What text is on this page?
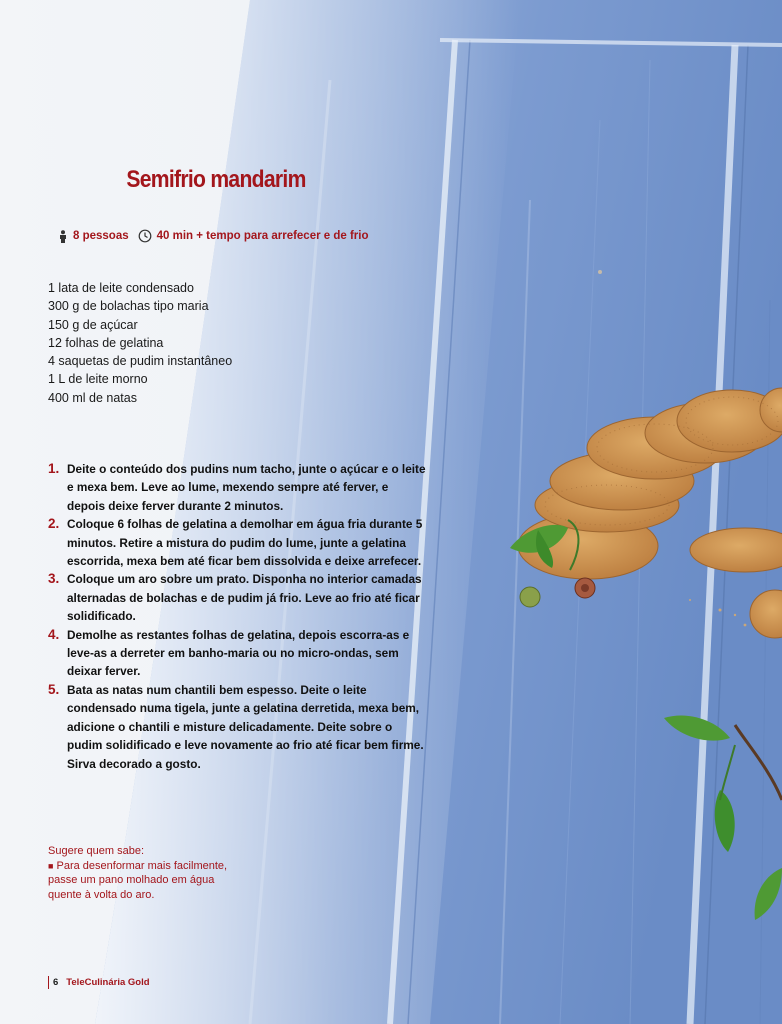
Semifrio mandarim
8 pessoas 40 min + tempo para arrefecer e de frio
1 lata de leite condensado
300 g de bolachas tipo maria
150 g de açúcar
12 folhas de gelatina
4 saquetas de pudim instantâneo
1 L de leite morno
400 ml de natas
1. Deite o conteúdo dos pudins num tacho, junte o açúcar e o leite e mexa bem. Leve ao lume, mexendo sempre até ferver, e depois deixe ferver durante 2 minutos.
2. Coloque 6 folhas de gelatina a demolhar em água fria durante 5 minutos. Retire a mistura do pudim do lume, junte a gelatina escorrida, mexa bem até ficar bem dissolvida e deixe arrefecer.
3. Coloque um aro sobre um prato. Disponha no interior camadas alternadas de bolachas e de pudim já frio. Leve ao frio até ficar solidificado.
4. Demolhe as restantes folhas de gelatina, depois escorra-as e leve-as a derreter em banho-maria ou no micro-ondas, sem deixar ferver.
5. Bata as natas num chantili bem espesso. Deite o leite condensado numa tigela, junte a gelatina derretida, mexa bem, adicione o chantili e misture delicadamente. Deite sobre o pudim solidificado e leve novamente ao frio até ficar bem firme. Sirva decorado a gosto.
Sugere quem sabe:
■ Para desenformar mais facilmente, passe um pano molhado em água quente à volta do aro.
6 TeleCulinária Gold
